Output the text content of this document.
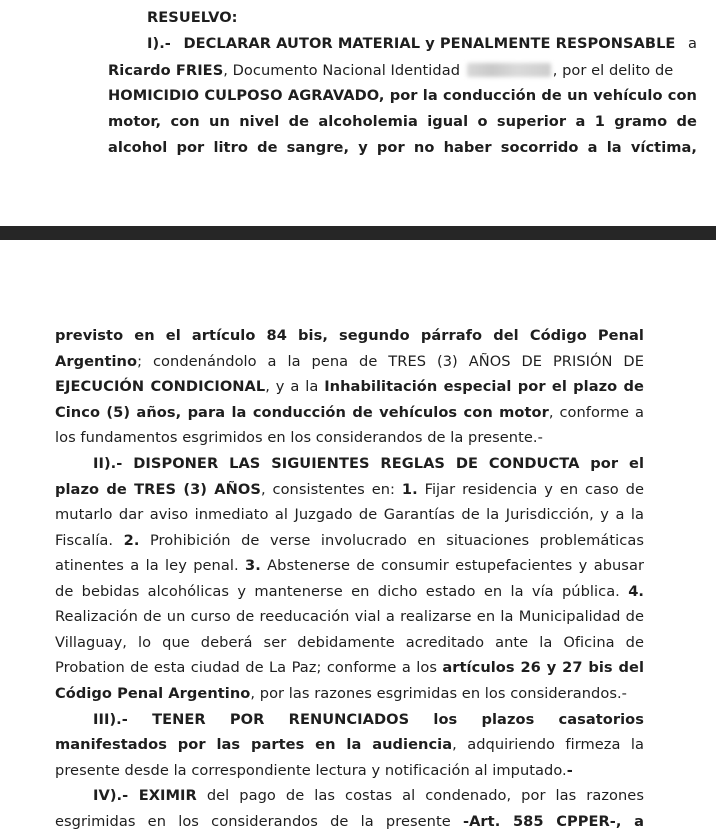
RESUELVO:
I).- DECLARAR AUTOR MATERIAL y PENALMENTE RESPONSABLE a
Ricardo FRIES, Documento Nacional Identidad	, por el delito de
HOMICIDIO CULPOSO AGRAVADO, por la conducción de un vehículo con
motor, con un nivel de alcoholemia igual o superior a 1 gramo de
alcohol por litro de sangre, y por no haber socorrido a la víctima,
previsto en el artículo 84 bis, segundo párrafo del Código Penal
Argentino; condenándolo a la pena de TRES (3) AÑOS DE PRISIÓN DE
EJECUCIÓN CONDICIONAL, y a la Inhabilitación especial por el plazo de
Cinco (5) años, para la conducción de vehículos con motor, conforme a
los fundamentos esgrimidos en los considerandos de la presente.-
II).- DISPONER LAS SIGUIENTES REGLAS DE CONDUCTA por el
plazo de TRES (3) AÑOS, consistentes en: 1. Fijar residencia y en caso de
mutarlo dar aviso inmediato al Juzgado de Garantías de la Jurisdicción, y a la
Fiscalía. 2. Prohibición de verse involucrado en situaciones problemáticas
atinentes a la ley penal. 3. Abstenerse de consumir estupefacientes y abusar
de bebidas alcohólicas y mantenerse en dicho estado en la vía pública. 4.
Realización de un curso de reeducación vial a realizarse en la Municipalidad de
Villaguay, lo que deberá ser debidamente acreditado ante la Oficina de
Probation de esta ciudad de La Paz; conforme a los artículos 26 y 27 bis del
Código Penal Argentino, por las razones esgrimidas en los considerandos.-
III).- TENER POR RENUNCIADOS los plazos casatorios
manifestados por las partes en la audiencia, adquiriendo firmeza la
presente desde la correspondiente lectura y notificación al imputado.-
IV).- EXIMIR del pago de las costas al condenado, por las razones
esgrimidas en los considerandos de la presente -Art. 585 CPPER-, a
